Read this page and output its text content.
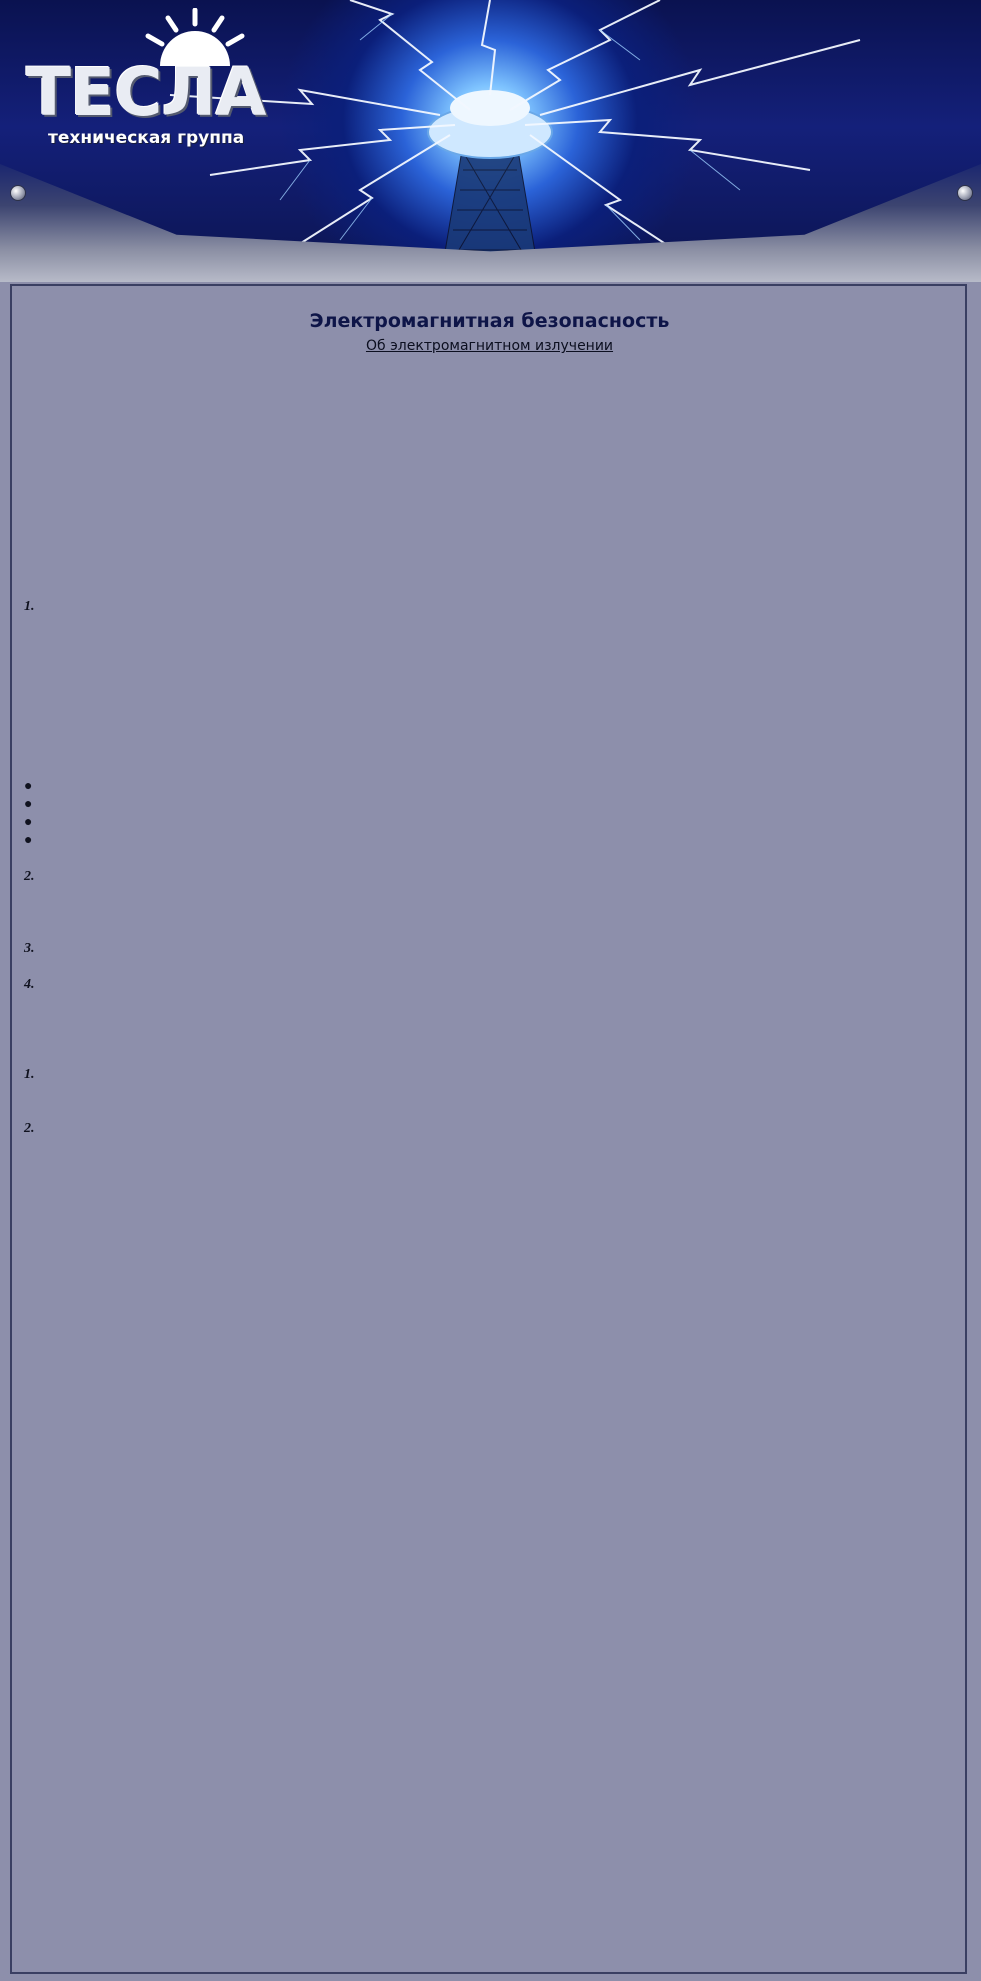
ТЕСЛА
техническая группа
Электромагнитная безопасность
Об электромагнитном излучении

1.
●
●
●
●
2.
3.
4.

1.
2.
